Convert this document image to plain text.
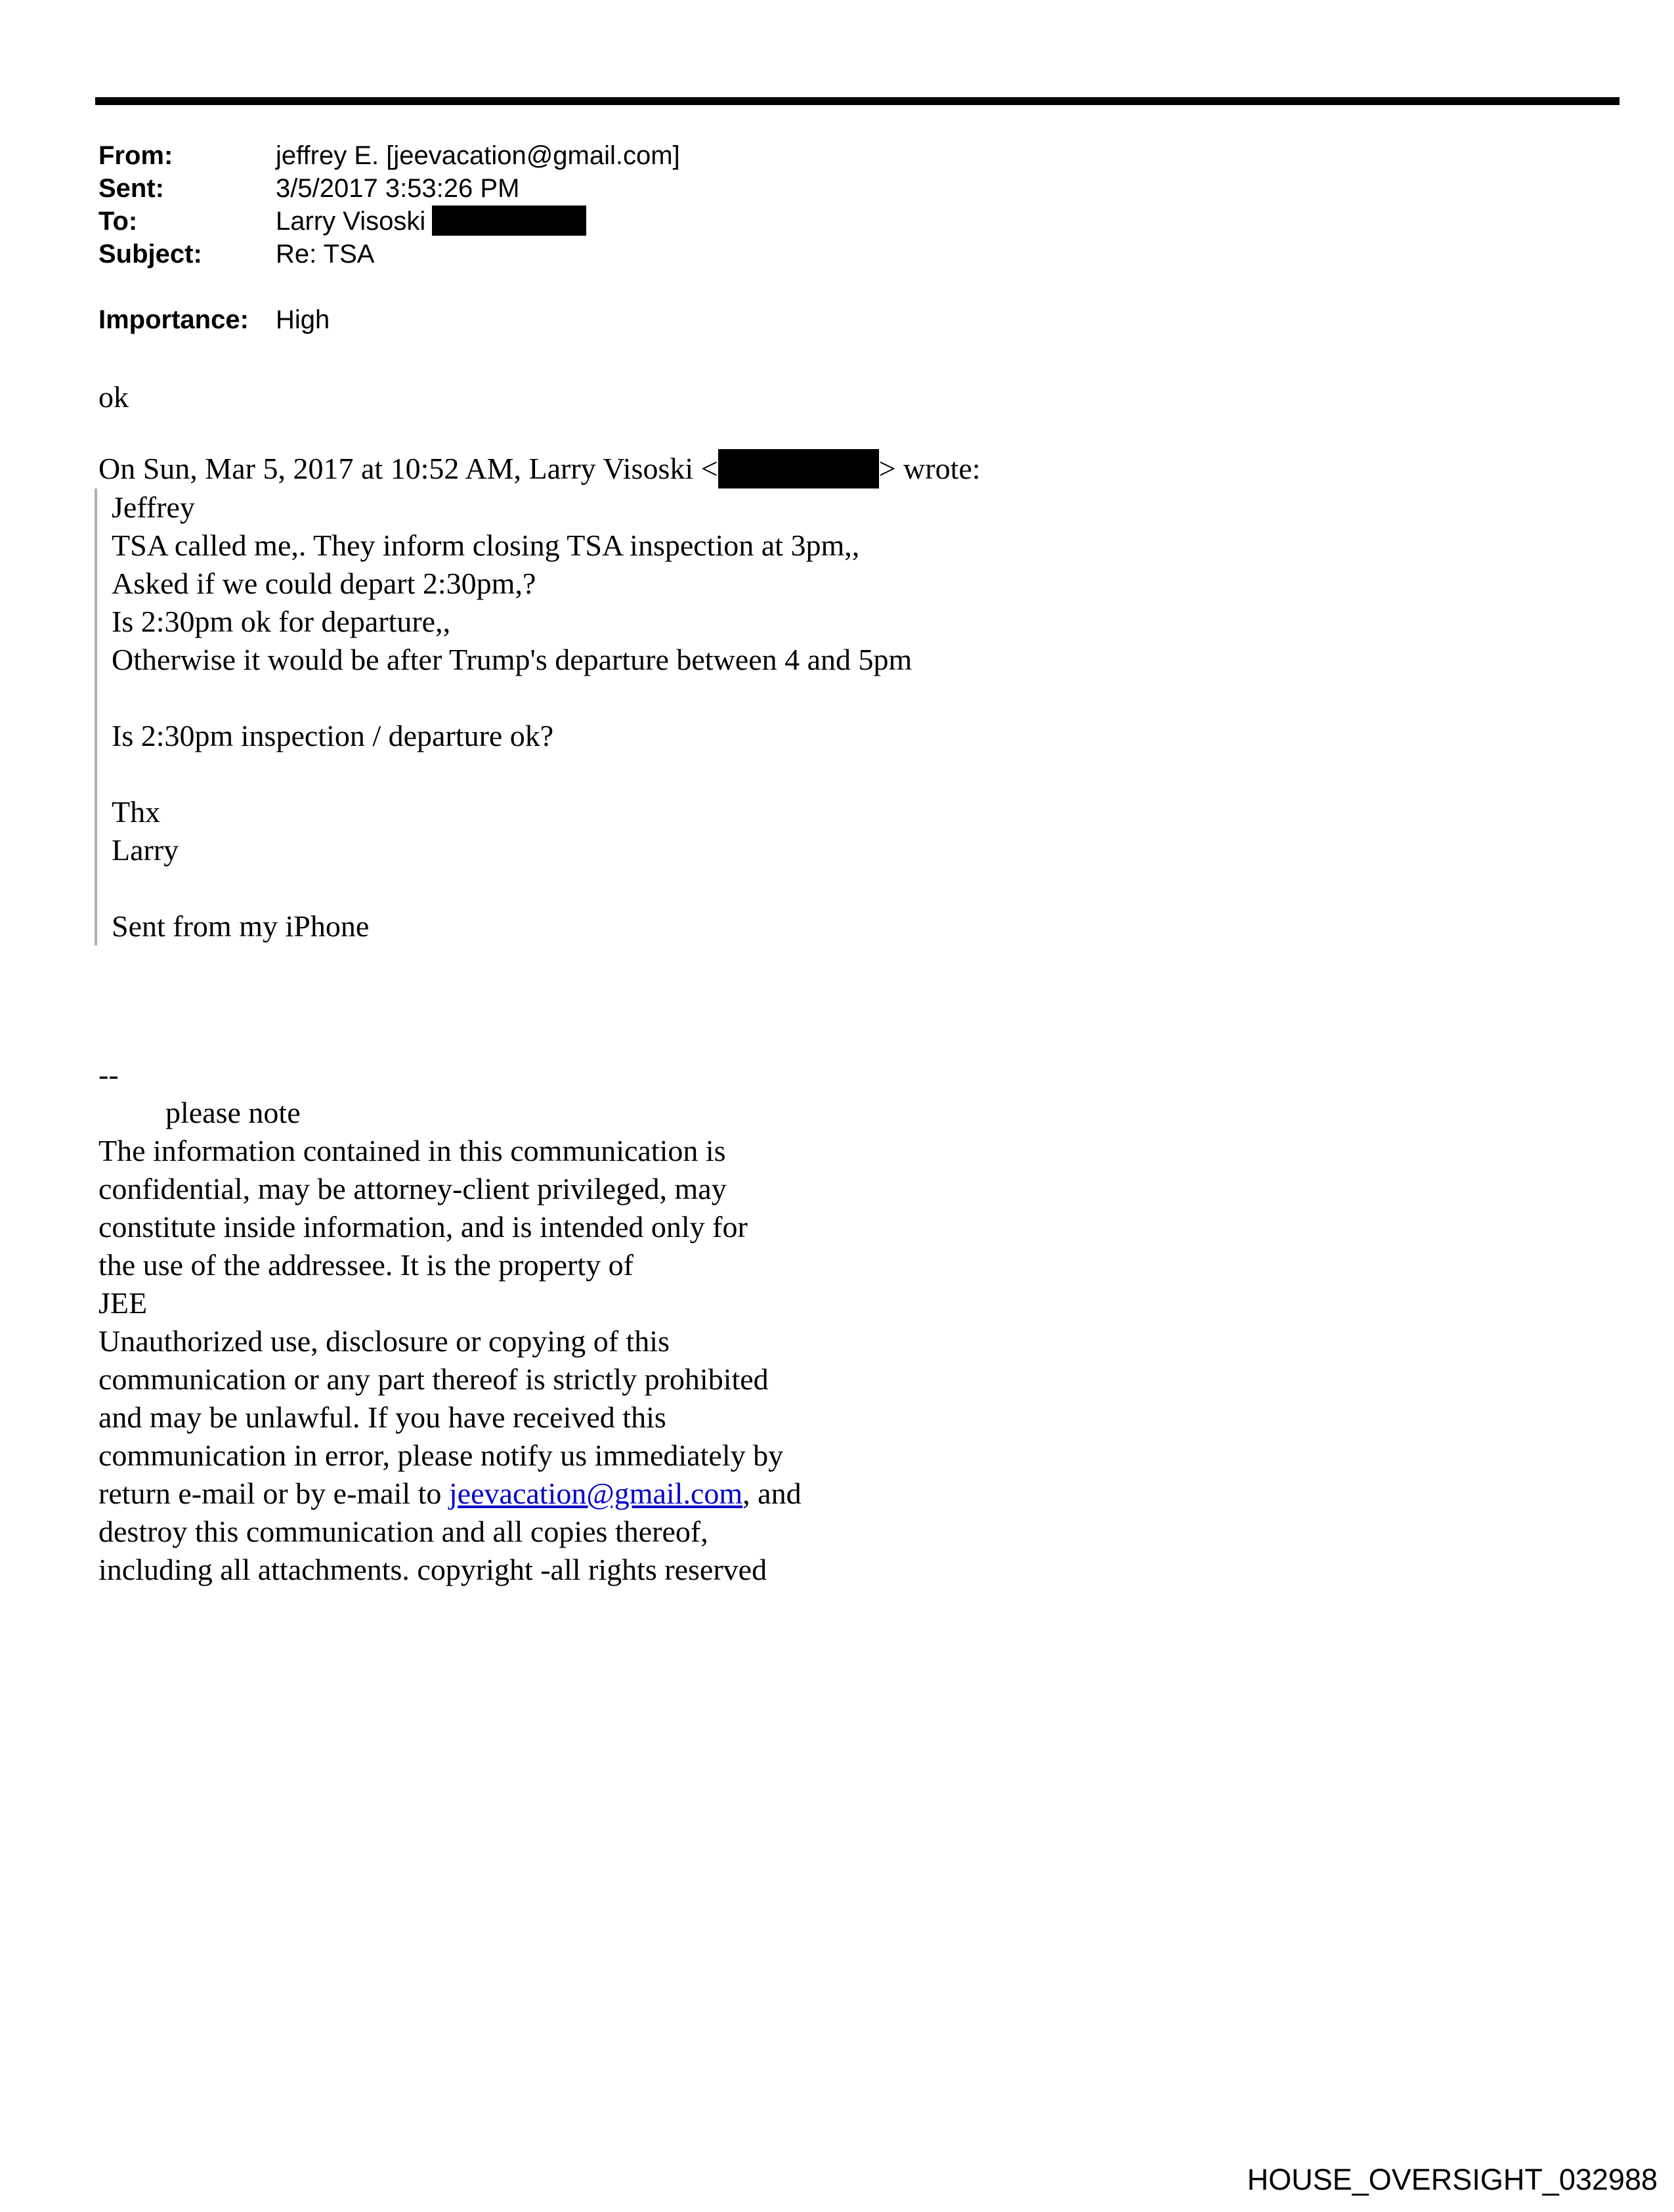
From:	jeffrey E. [jeevacation@gmail.com]
Sent:	3/5/2017 3:53:26 PM
To:	Larry Visoski
Subject:	Re: TSA
Importance:	High
ok
On Sun, Mar 5, 2017 at 10:52 AM, Larry Visoski <	> wrote:
Jeffrey
TSA called me,. They inform closing TSA inspection at 3pm,,
Asked if we could depart 2:30pm,?
Is 2:30pm ok for departure,,
Otherwise it would be after Trump's departure between 4 and 5pm
Is 2:30pm inspection / departure ok?
Thx
Larry
Sent from my iPhone
--
please note
The information contained in this communication is
confidential, may be attorney-client privileged, may
constitute inside information, and is intended only for
the use of the addressee. It is the property of
JEE
Unauthorized use, disclosure or copying of this
communication or any part thereof is strictly prohibited
and may be unlawful. If you have received this
communication in error, please notify us immediately by
return e-mail or by e-mail to jeevacation@gmail.com, and
destroy this communication and all copies thereof,
including all attachments. copyright -all rights reserved
HOUSE_OVERSIGHT_032988
